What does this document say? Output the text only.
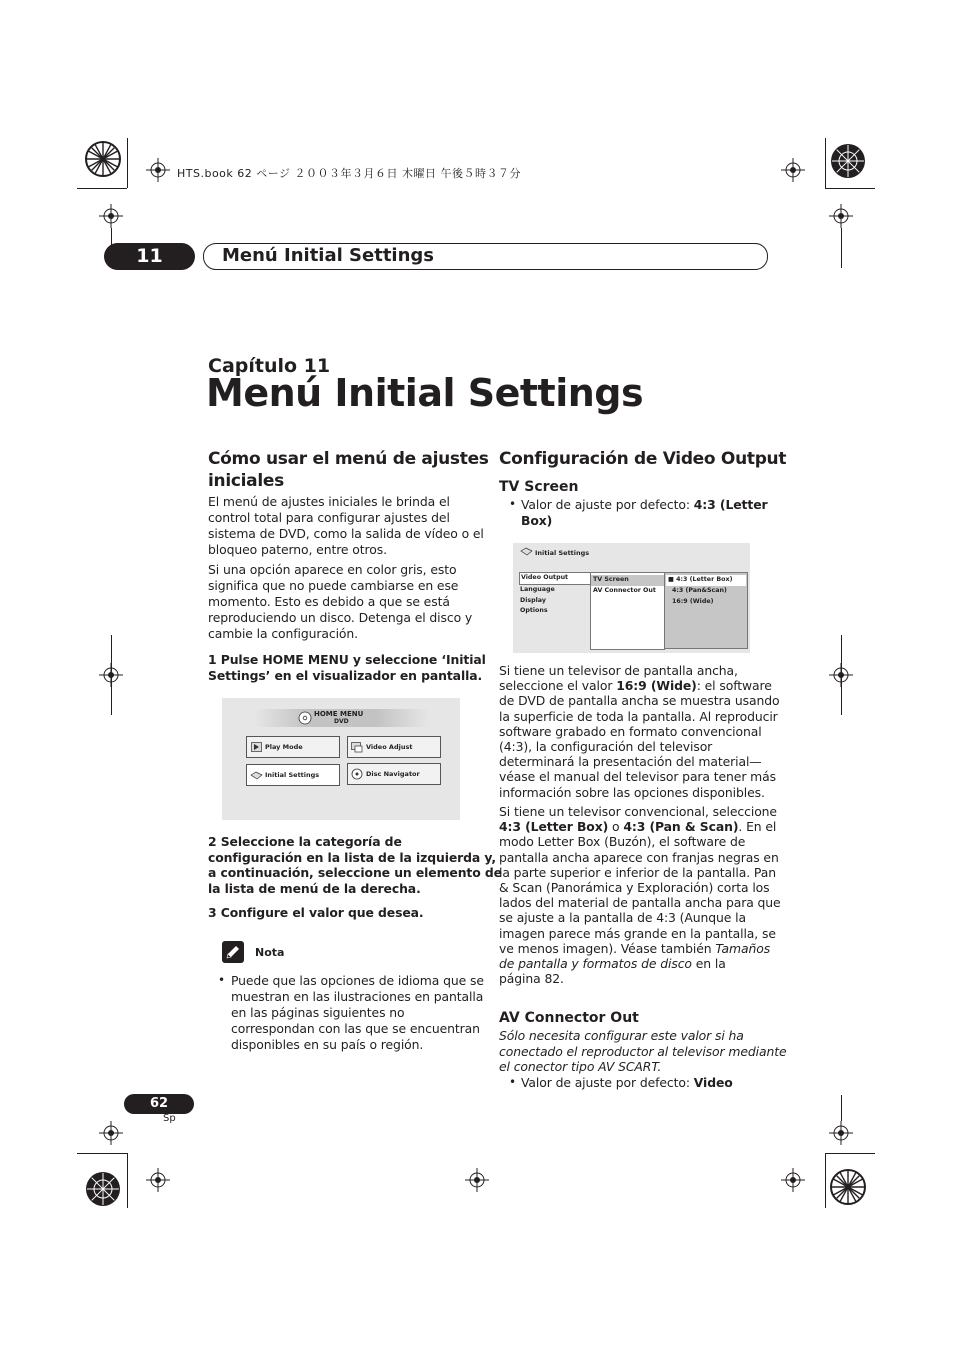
HTS.book 62 ページ ２００３年３月６日 木曜日 午後５時３７分
11	Menú Initial Settings
Capítulo 11
Menú Initial Settings
Cómo usar el menú de ajustes
iniciales
El menú de ajustes iniciales le brinda el
control total para configurar ajustes del
sistema de DVD, como la salida de vídeo o el
bloqueo paterno, entre otros.
Si una opción aparece en color gris, esto
significa que no puede cambiarse en ese
momento. Esto es debido a que se está
reproduciendo un disco. Detenga el disco y
cambie la configuración.
1 Pulse HOME MENU y seleccione ‘Initial
Settings’ en el visualizador en pantalla.
HOME MENU
DVD
Play Mode	Video Adjust
Initial Settings	Disc Navigator
2 Seleccione la categoría de
configuración en la lista de la izquierda y,
a continuación, seleccione un elemento de
la lista de menú de la derecha.
3 Configure el valor que desea.
Nota
• Puede que las opciones de idioma que se
muestran en las ilustraciones en pantalla
en las páginas siguientes no
correspondan con las que se encuentran
disponibles en su país o región.
Configuración de Video Output
TV Screen
• Valor de ajuste por defecto: 4:3 (Letter
Box)
Initial Settings
Video Output
Language
Display
Options
TV Screen
AV Connector Out
■ 4:3 (Letter Box)
4:3 (Pan&Scan)
16:9 (Wide)
Si tiene un televisor de pantalla ancha,
seleccione el valor 16:9 (Wide): el software
de DVD de pantalla ancha se muestra usando
la superficie de toda la pantalla. Al reproducir
software grabado en formato convencional
(4:3), la configuración del televisor
determinará la presentación del material—
véase el manual del televisor para tener más
información sobre las opciones disponibles.
Si tiene un televisor convencional, seleccione
4:3 (Letter Box) o 4:3 (Pan & Scan). En el
modo Letter Box (Buzón), el software de
pantalla ancha aparece con franjas negras en
la parte superior e inferior de la pantalla. Pan
& Scan (Panorámica y Exploración) corta los
lados del material de pantalla ancha para que
se ajuste a la pantalla de 4:3 (Aunque la
imagen parece más grande en la pantalla, se
ve menos imagen). Véase también Tamaños
de pantalla y formatos de disco en la
página 82.
AV Connector Out
Sólo necesita configurar este valor si ha
conectado el reproductor al televisor mediante
el conector tipo AV SCART.
• Valor de ajuste por defecto: Video
62
Sp
